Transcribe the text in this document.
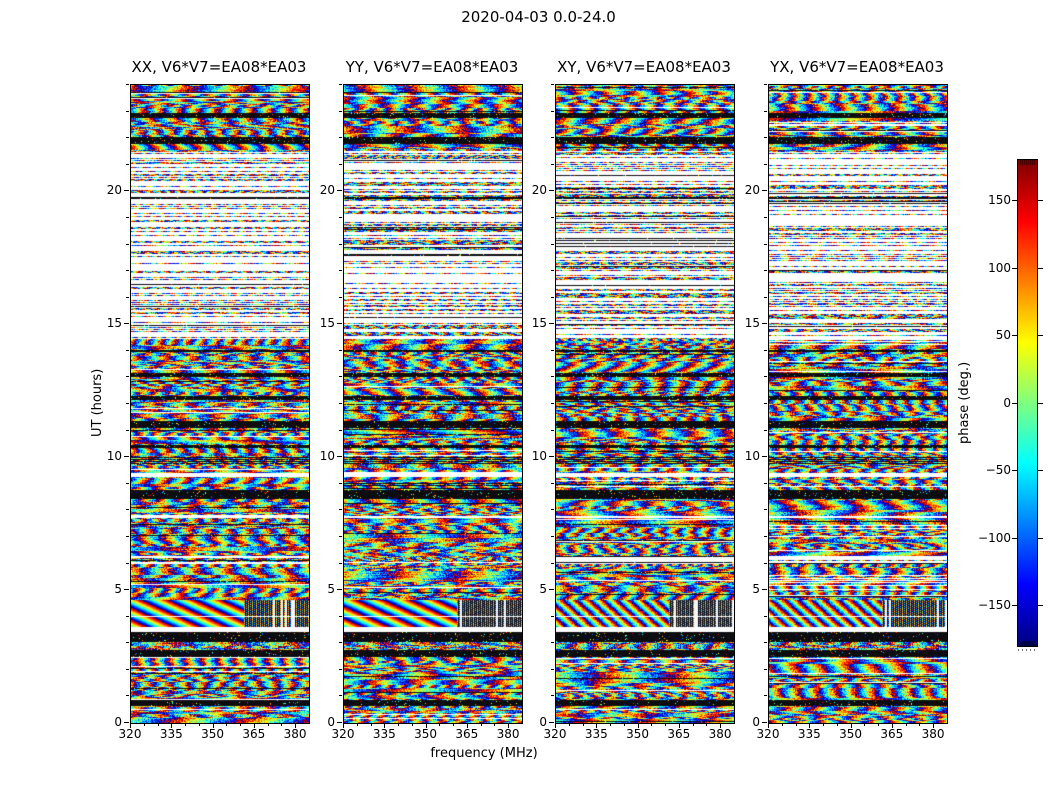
2020-04-03 0.0-24.0
UT (hours)
frequency (MHz)
phase (deg.)
150
100
50
0
−50
−100
−150
XX, V6*V7=EA08*EA03
320	335	350	365	380
20
15
10
5
0
YY, V6*V7=EA08*EA03
320	335	350	365	380
20
15
10
5
0
XY, V6*V7=EA08*EA03
320	335	350	365	380
20
15
10
5
0
YX, V6*V7=EA08*EA03
320	335	350	365	380
20
15
10
5
0
